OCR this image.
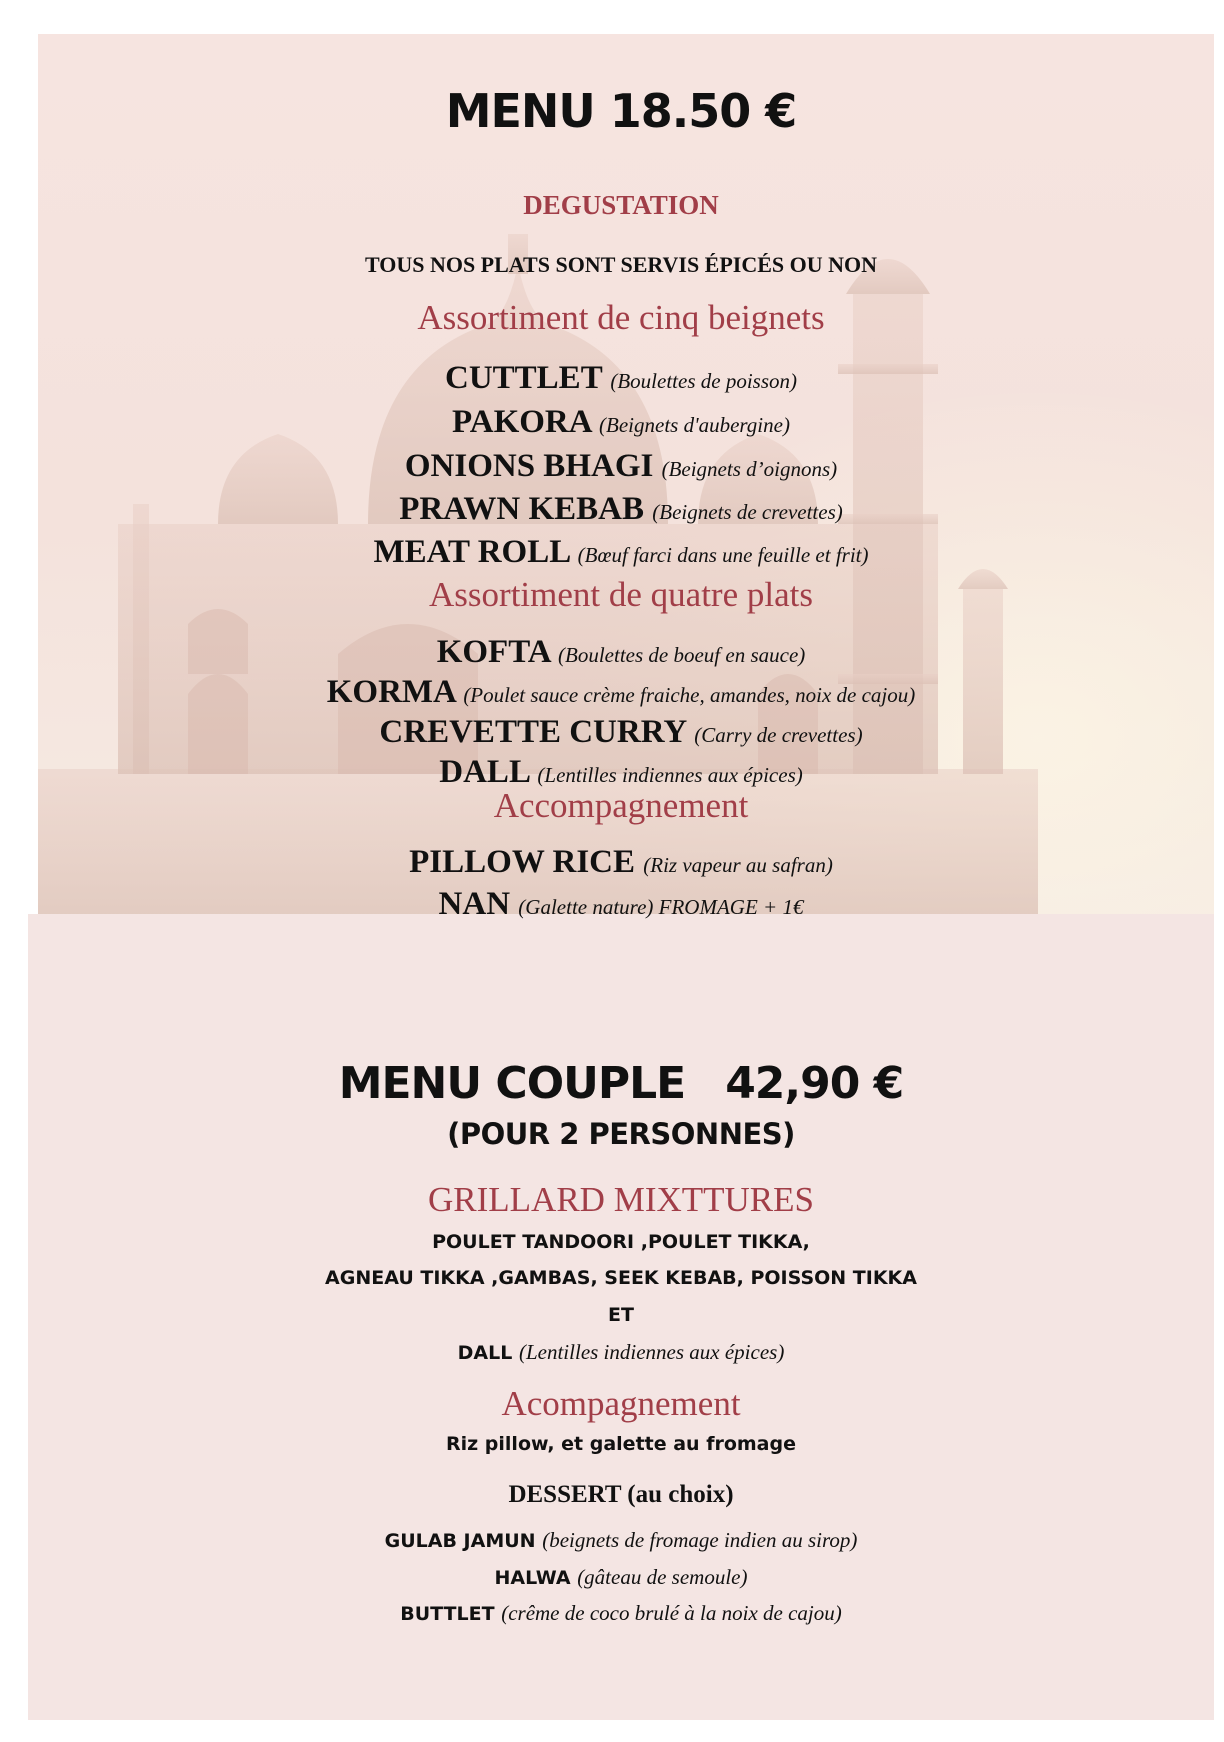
MENU 18.50 €
DEGUSTATION
TOUS NOS PLATS SONT SERVIS ÉPICÉS OU NON
Assortiment de cinq beignets
CUTTLET (Boulettes de poisson)
PAKORA (Beignets d'aubergine)
ONIONS BHAGI (Beignets d’oignons)
PRAWN KEBAB (Beignets de crevettes)
MEAT ROLL (Bœuf farci dans une feuille et frit)
Assortiment de quatre plats
KOFTA (Boulettes de boeuf en sauce)
KORMA (Poulet sauce crème fraiche, amandes, noix de cajou)
CREVETTE CURRY (Carry de crevettes)
DALL (Lentilles indiennes aux épices)
Accompagnement
PILLOW RICE (Riz vapeur au safran)
NAN (Galette nature) FROMAGE + 1€
MENU COUPLE 42,90 €
(POUR 2 PERSONNES)
GRILLARD MIXTTURES
POULET TANDOORI ,POULET TIKKA,
AGNEAU TIKKA ,GAMBAS, SEEK KEBAB, POISSON TIKKA
ET
DALL (Lentilles indiennes aux épices)
Acompagnement
Riz pillow, et galette au fromage
DESSERT (au choix)
GULAB JAMUN (beignets de fromage indien au sirop)
HALWA (gâteau de semoule)
BUTTLET (crême de coco brulé à la noix de cajou)
